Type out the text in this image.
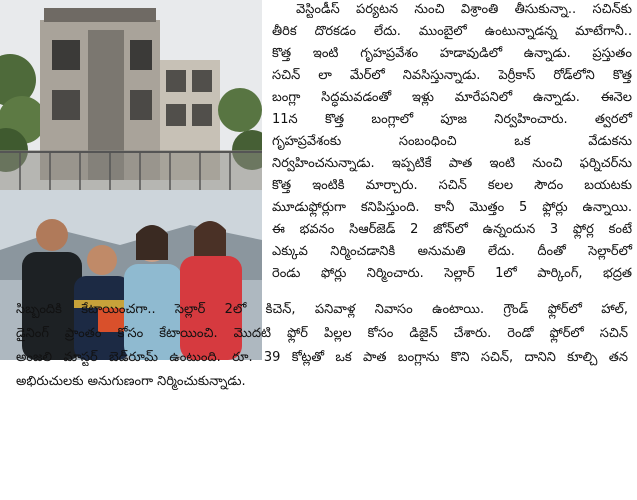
వెస్టిండీస్ పర్యటన నుంచి విశ్రాంతి తీసుకున్నా.. సచిన్‌కు
తీరిక దొరకడం లేదు. ముంబైలో ఉంటున్నాడన్న మాటేగానీ..
కొత్త ఇంటి గృహప్రవేశం హడావుడిలో ఉన్నాడు. ప్రస్తుతం
సచిన్ లా మేర్‌లో నివసిస్తున్నాడు. పెర్రీకాస్ రోడ్‌లోని కొత్త
బంగ్లా సిద్ధమవడంతో ఇళ్లు మారేపనిలో ఉన్నాడు. ఈనెల
11న కొత్త బంగ్లాలో పూజ నిర్వహించారు. త్వరలో
గృహప్రవేశంకు సంబంధించి ఒక వేడుకను
నిర్వహించనున్నాడు. ఇప్పటికే పాత ఇంటి నుంచి ఫర్నిచర్‌ను
కొత్త ఇంటికి మార్చారు. సచిన్ కలల సౌదం బయటకు
మూడుఫ్లోర్లుగా కనిపిస్తుంది. కానీ మొత్తం 5 ఫ్లోర్లు ఉన్నాయి.
ఈ భవనం సిఆర్‌జెడ్ 2 జోన్‌లో ఉన్నందున 3 ఫ్లోర్ల కంటే
ఎక్కువ నిర్మించడానికి అనుమతి లేదు. దీంతో సెల్లార్‌లో
రెండు ఫోర్లు నిర్మించారు. సెల్లార్ 1లో పార్కింగ్, భద్రత
సిబ్బందికి కేటాయించగా.. సెల్లార్ 2లో కిచెన్, పనివాళ్ల నివాసం ఉంటాయి. గ్రౌండ్ ఫ్లోర్‌లో హాల్,
డైనింగ్ ప్రాంతం కోసం కేటాయించి. మొదటి ఫ్లోర్ పిల్లల కోసం డిజైన్ చేశారు. రెండో ఫ్లోర్‌లో సచిన్
అంజలి మాస్టర్ బెడ్‌రూమ్ ఉంటుంది. రూ. 39 కోట్లతో ఒక పాత బంగ్లాను కొని సచిన్, దానిని కూల్చి తన
అభిరుచులకు అనుగుణంగా నిర్మించుకున్నాడు.
